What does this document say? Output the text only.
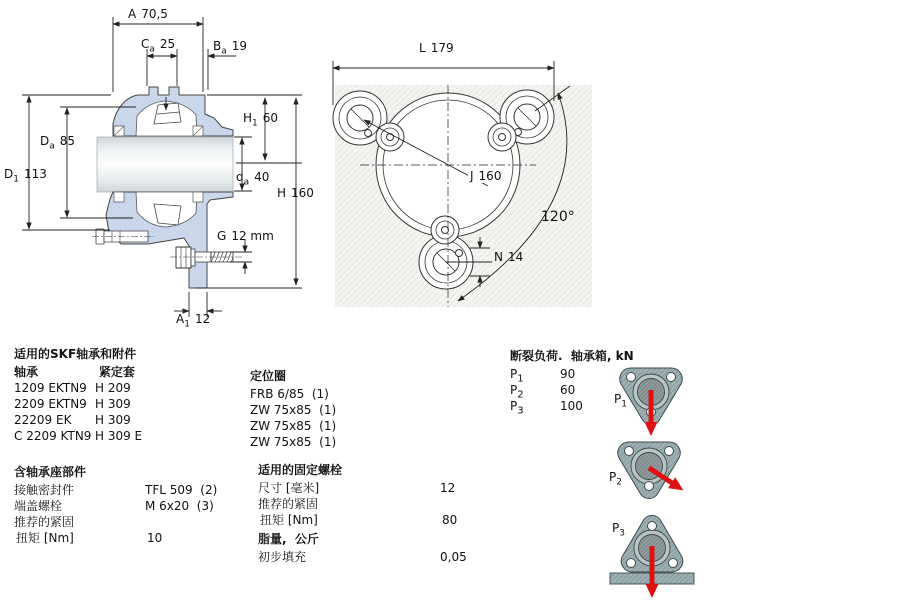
A 70,5
$C_a$ 25	$B_a$ 19
$H_1$ 60
$D_a$ 85
$D_1$ 113	$d_a$ 40
H 160
G 12 mm
$A_1$ 12
L 179
J 160
120°
N 14
适用的SKF轴承和附件
轴承	紧定套
1209 EKTN9 H 209
2209 EKTN9 H 309
22209 EK H 309
C 2209 KTN9 H 309 E
定位圈
FRB 6/85  (1)
ZW 75x85  (1)
ZW 75x85  (1)
ZW 75x85  (1)
断裂负荷.  轴承箱, kN
$P_1$	90
$P_2$	60
$P_3$	100
含轴承座部件
接触密封件	TFL 509  (2)
端盖螺栓	M 6x20  (3)
推荐的紧固
扭矩 [Nm]	10
适用的固定螺栓
尺寸 [毫米]	12
推荐的紧固
扭矩 [Nm]	80
脂量,  公斤
初步填充	0,05
$P_1$
$P_2$
$P_3$
